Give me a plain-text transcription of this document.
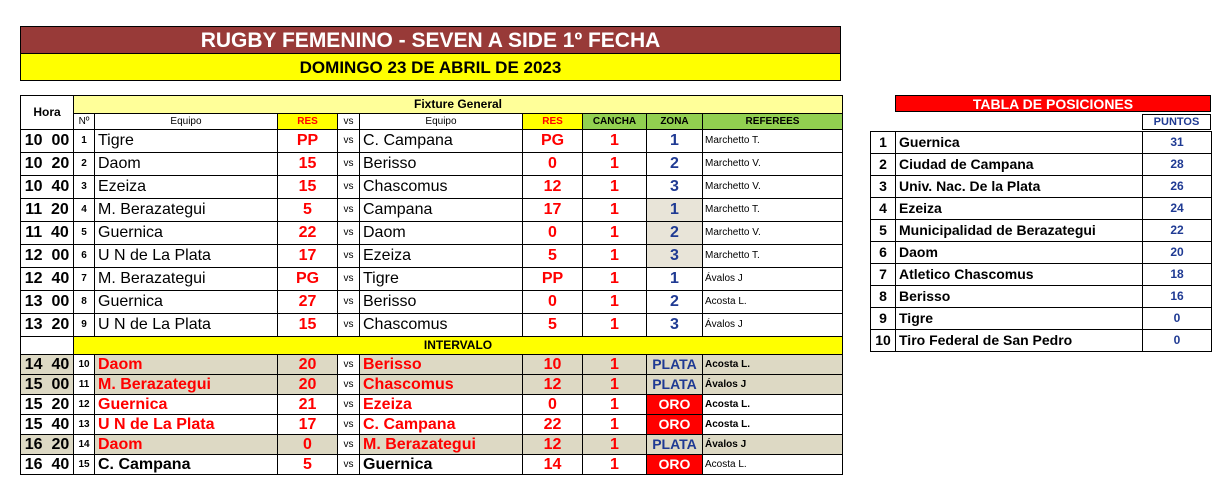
RUGBY FEMENINO - SEVEN A SIDE 1º FECHA
DOMINGO 23 DE ABRIL DE 2023
Hora	Fixture General								
	Nº	Equipo	RES	vs	Equipo	RES	CANCHA	ZONA	REFEREES
10 00	1	Tigre	PP	vs	C. Campana	PG	1	1	Marchetto T.
10 20	2	Daom	15	vs	Berisso	0	1	2	Marchetto V.
10 40	3	Ezeiza	15	vs	Chascomus	12	1	3	Marchetto V.
11 20	4	M. Berazategui	5	vs	Campana	17	1	1	Marchetto T.
11 40	5	Guernica	22	vs	Daom	0	1	2	Marchetto V.
12 00	6	U N de La Plata	17	vs	Ezeiza	5	1	3	Marchetto T.
12 40	7	M. Berazategui	PG	vs	Tigre	PP	1	1	Ávalos J
13 00	8	Guernica	27	vs	Berisso	0	1	2	Acosta L.
13 20	9	U N de La Plata	15	vs	Chascomus	5	1	3	Ávalos J
	INTERVALO								
14 40	10	Daom	20	vs	Berisso	10	1	PLATA	Acosta L.
15 00	11	M. Berazategui	20	vs	Chascomus	12	1	PLATA	Ávalos J
15 20	12	Guernica	21	vs	Ezeiza	0	1	ORO	Acosta L.
15 40	13	U N de La Plata	17	vs	C. Campana	22	1	ORO	Acosta L.
16 20	14	Daom	0	vs	M. Berazategui	12	1	PLATA	Ávalos J
16 40	15	C. Campana	5	vs	Guernica	14	1	ORO	Acosta L.
TABLA DE POSICIONES
PUNTOS
1	Guernica	31
2	Ciudad de Campana	28
3	Univ. Nac. De la Plata	26
4	Ezeiza	24
5	Municipalidad de Berazategui	22
6	Daom	20
7	Atletico Chascomus	18
8	Berisso	16
9	Tigre	0
10	Tiro Federal de San Pedro	0
